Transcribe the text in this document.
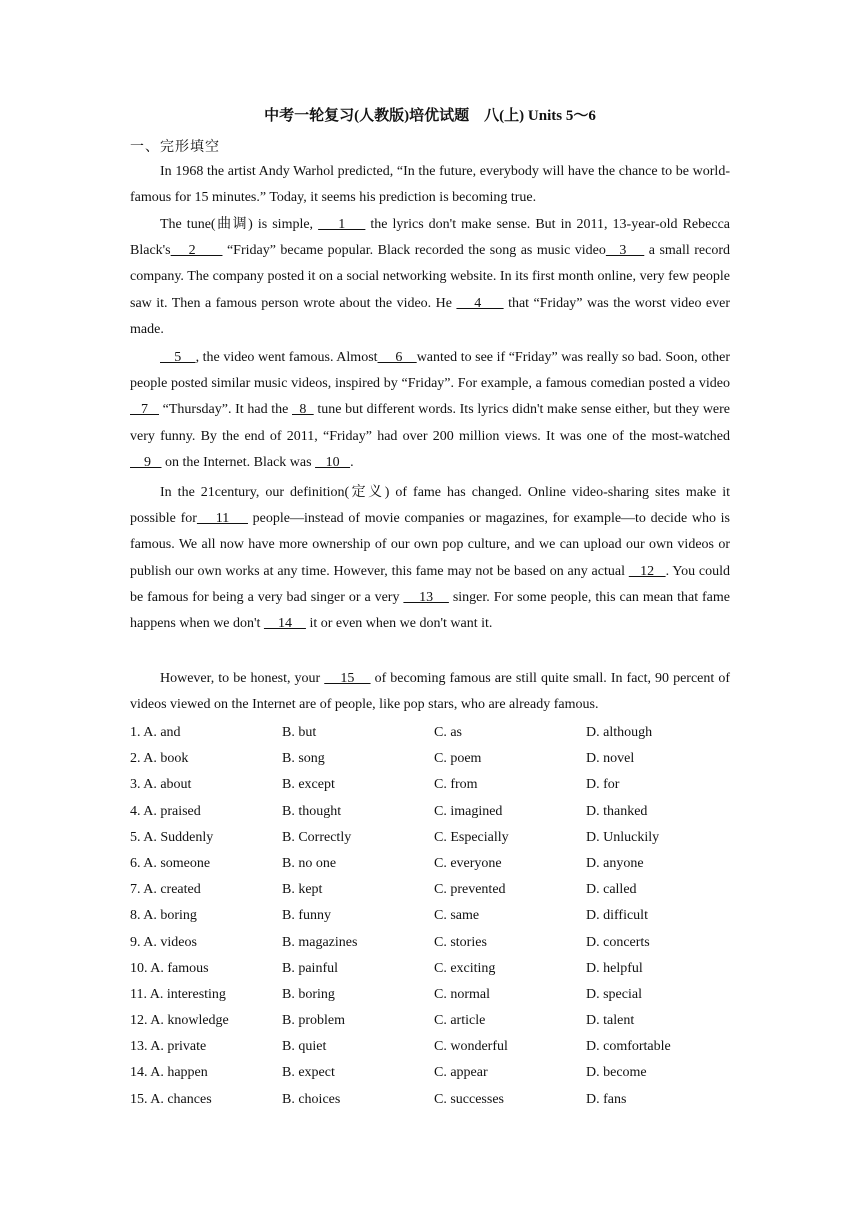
中考一轮复习(人教版)培优试题　八(上) Units 5～6
一、完形填空

In 1968 the artist Andy Warhol predicted, “In the future, everybody will have the chance to be world-famous for 15 minutes.” Today, it seems his prediction is becoming true.

The tune(曲调) is simple,     1     the lyrics don't make sense. But in 2011, 13-year-old Rebecca Black's    2       “Friday” became popular. Black recorded the song as music video   3     a small record company. The company posted it on a social networking website. In its first month online, very few people saw it. Then a famous person wrote about the video. He     4      that “Friday” was the worst video ever made.

5    , the video went famous. Almost     6    wanted to see if “Friday” was really so bad. Soon, other people posted similar music videos, inspired by “Friday”. For example, a famous comedian posted a video    7    “Thursday”. It had the   8   tune but different words. Its lyrics didn't make sense either, but they were very funny. By the end of 2011, “Friday” had over 200 million views. It was one of the most-watched     9    on the Internet. Black was    10   .

In the 21century, our definition(定义) of fame has changed. Online video-sharing sites make it possible for    11     people—instead of movie companies or magazines, for example—to decide who is famous. We all now have more ownership of our own pop culture, and we can upload our own videos or publish our own works at any time. However, this fame may not be based on any actual    12   . You could be famous for being a very bad singer or a very     13     singer. For some people, this can mean that fame happens when we don't     14     it or even when we don't want it.

However, to be honest, your     15     of becoming famous are still quite small. In fact, 90 percent of videos viewed on the Internet are of people, like pop stars, who are already famous.

1. A. and	B. but	C. as	D. although
2. A. book	B. song	C. poem	D. novel
3. A. about	B. except	C. from	D. for
4. A. praised	B. thought	C. imagined	D. thanked
5. A. Suddenly	B. Correctly	C. Especially	D. Unluckily
6. A. someone	B. no one	C. everyone	D. anyone
7. A. created	B. kept	C. prevented	D. called
8. A. boring	B. funny	C. same	D. difficult
9. A. videos	B. magazines	C. stories	D. concerts
10. A. famous	B. painful	C. exciting	D. helpful
11. A. interesting	B. boring	C. normal	D. special
12. A. knowledge	B. problem	C. article	D. talent
13. A. private	B. quiet	C. wonderful	D. comfortable
14. A. happen	B. expect	C. appear	D. become
15. A. chances	B. choices	C. successes	D. fans
